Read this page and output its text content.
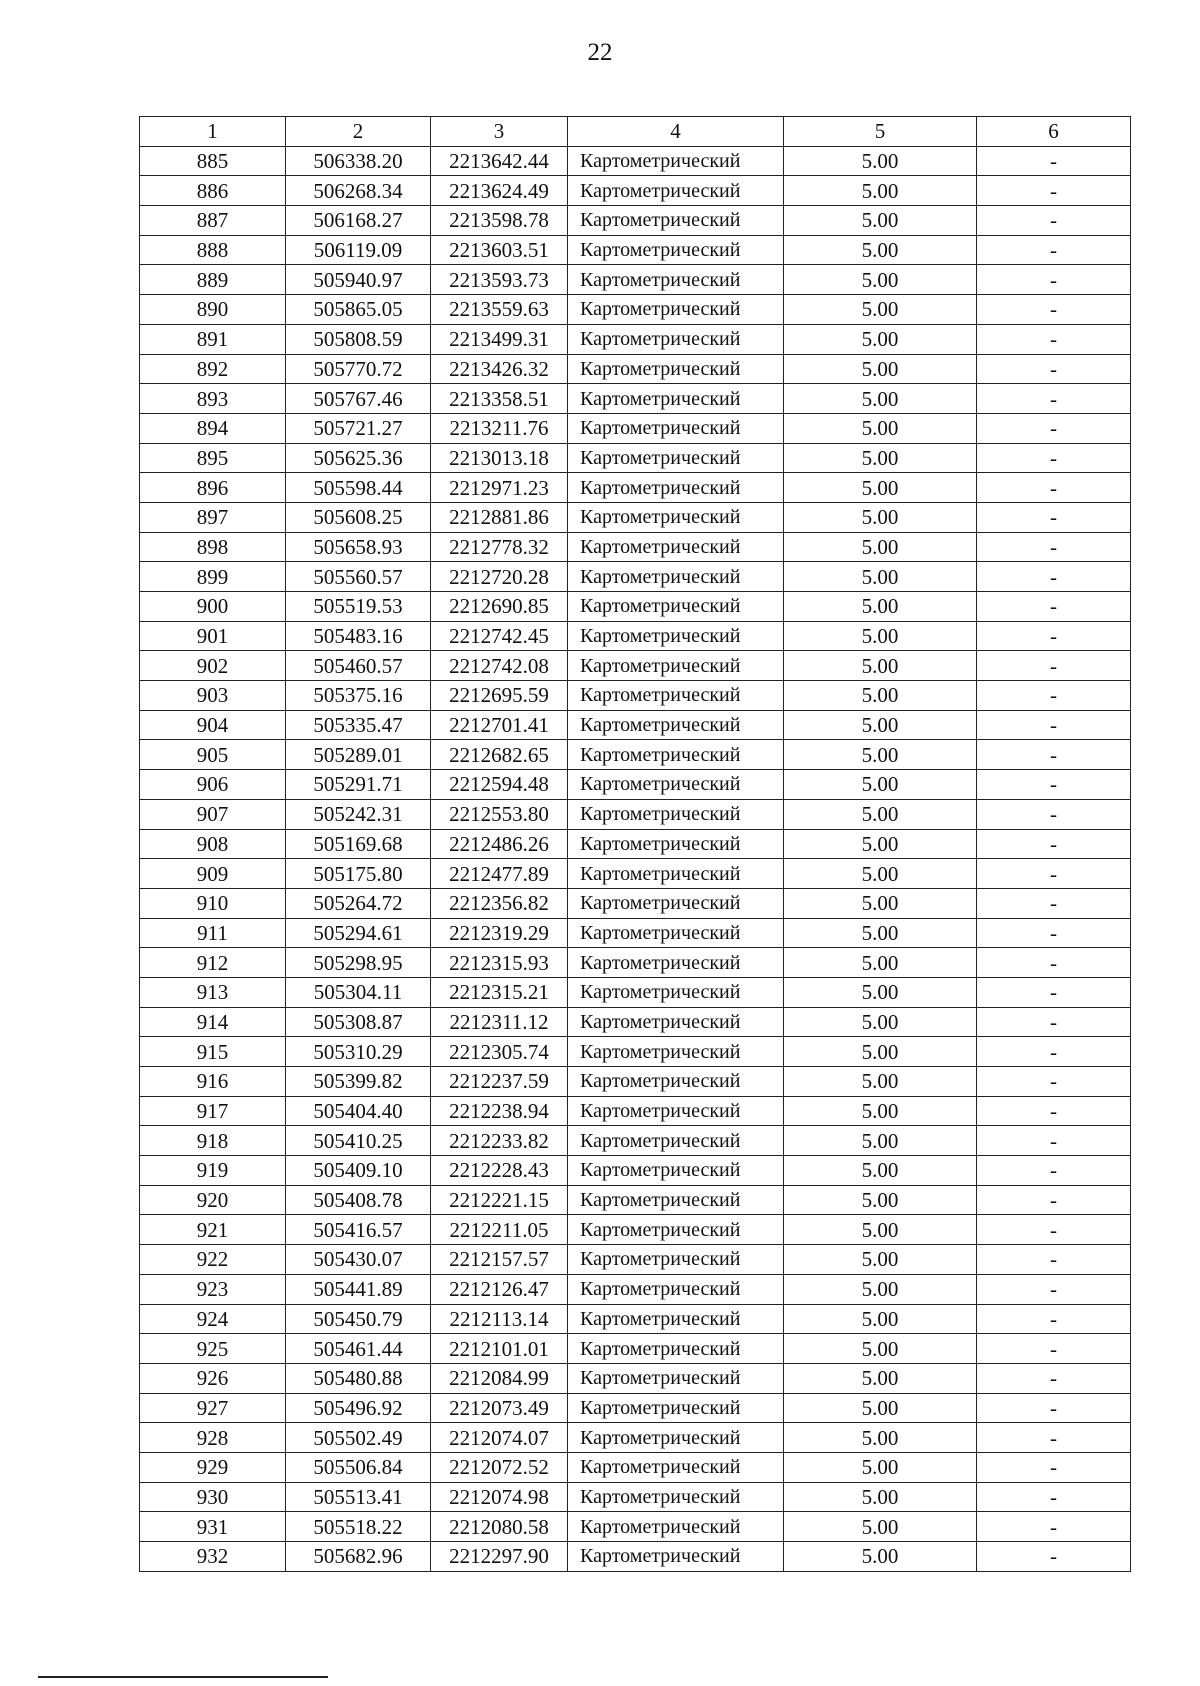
22
1	2	3	4	5	6
885	506338.20	2213642.44	Картометрический	5.00	-
886	506268.34	2213624.49	Картометрический	5.00	-
887	506168.27	2213598.78	Картометрический	5.00	-
888	506119.09	2213603.51	Картометрический	5.00	-
889	505940.97	2213593.73	Картометрический	5.00	-
890	505865.05	2213559.63	Картометрический	5.00	-
891	505808.59	2213499.31	Картометрический	5.00	-
892	505770.72	2213426.32	Картометрический	5.00	-
893	505767.46	2213358.51	Картометрический	5.00	-
894	505721.27	2213211.76	Картометрический	5.00	-
895	505625.36	2213013.18	Картометрический	5.00	-
896	505598.44	2212971.23	Картометрический	5.00	-
897	505608.25	2212881.86	Картометрический	5.00	-
898	505658.93	2212778.32	Картометрический	5.00	-
899	505560.57	2212720.28	Картометрический	5.00	-
900	505519.53	2212690.85	Картометрический	5.00	-
901	505483.16	2212742.45	Картометрический	5.00	-
902	505460.57	2212742.08	Картометрический	5.00	-
903	505375.16	2212695.59	Картометрический	5.00	-
904	505335.47	2212701.41	Картометрический	5.00	-
905	505289.01	2212682.65	Картометрический	5.00	-
906	505291.71	2212594.48	Картометрический	5.00	-
907	505242.31	2212553.80	Картометрический	5.00	-
908	505169.68	2212486.26	Картометрический	5.00	-
909	505175.80	2212477.89	Картометрический	5.00	-
910	505264.72	2212356.82	Картометрический	5.00	-
911	505294.61	2212319.29	Картометрический	5.00	-
912	505298.95	2212315.93	Картометрический	5.00	-
913	505304.11	2212315.21	Картометрический	5.00	-
914	505308.87	2212311.12	Картометрический	5.00	-
915	505310.29	2212305.74	Картометрический	5.00	-
916	505399.82	2212237.59	Картометрический	5.00	-
917	505404.40	2212238.94	Картометрический	5.00	-
918	505410.25	2212233.82	Картометрический	5.00	-
919	505409.10	2212228.43	Картометрический	5.00	-
920	505408.78	2212221.15	Картометрический	5.00	-
921	505416.57	2212211.05	Картометрический	5.00	-
922	505430.07	2212157.57	Картометрический	5.00	-
923	505441.89	2212126.47	Картометрический	5.00	-
924	505450.79	2212113.14	Картометрический	5.00	-
925	505461.44	2212101.01	Картометрический	5.00	-
926	505480.88	2212084.99	Картометрический	5.00	-
927	505496.92	2212073.49	Картометрический	5.00	-
928	505502.49	2212074.07	Картометрический	5.00	-
929	505506.84	2212072.52	Картометрический	5.00	-
930	505513.41	2212074.98	Картометрический	5.00	-
931	505518.22	2212080.58	Картометрический	5.00	-
932	505682.96	2212297.90	Картометрический	5.00	-
